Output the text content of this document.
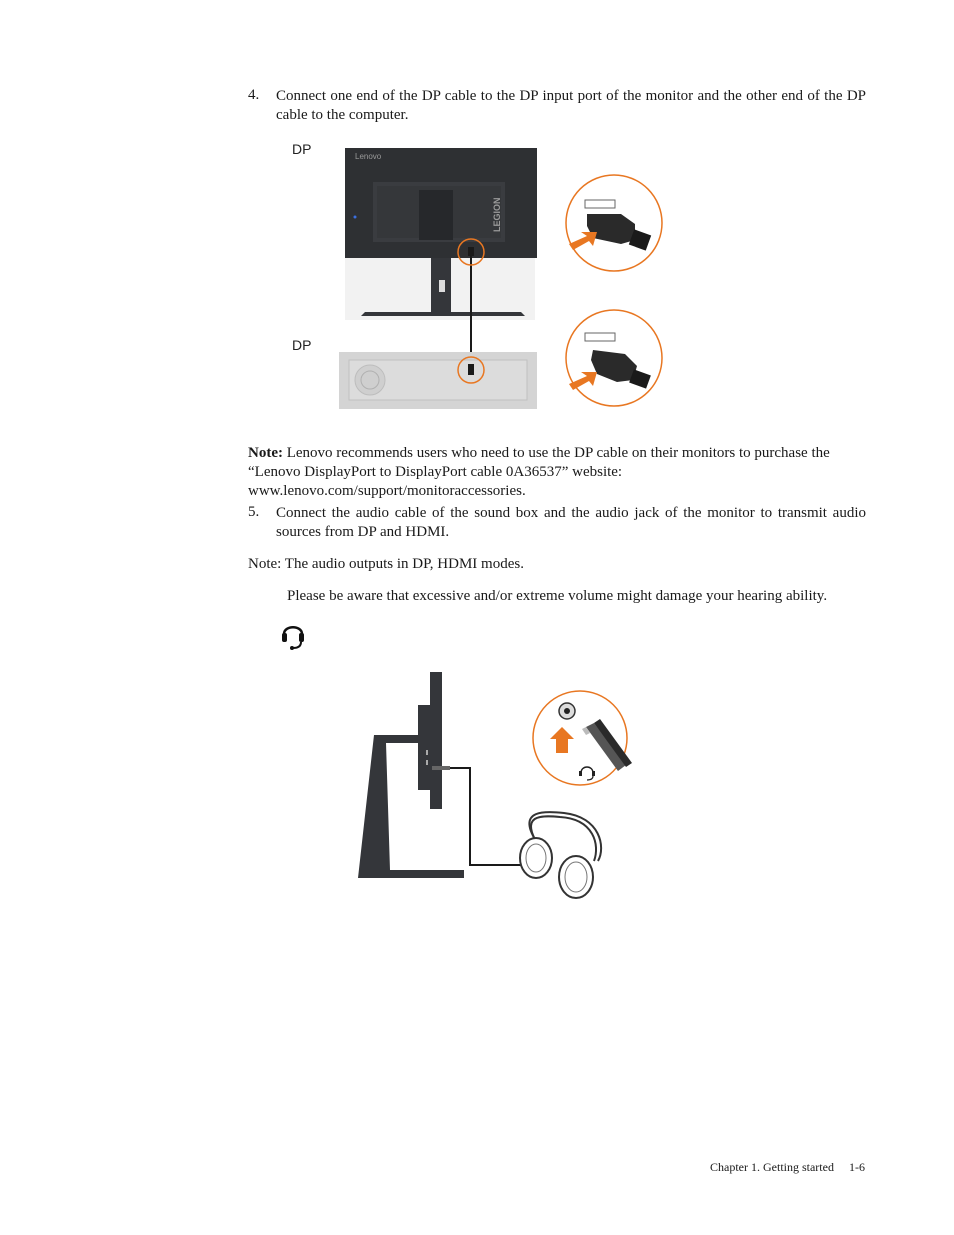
4. Connect one end of the DP cable to the DP input port of the monitor and the other end of the DP cable to the computer.
DP
DP
Lenovo
LEGION
Note: Lenovo recommends users who need to use the DP cable on their monitors to purchase the “Lenovo DisplayPort to DisplayPort cable 0A36537” website: www.lenovo.com/support/monitoraccessories.
5. Connect the audio cable of the sound box and the audio jack of the monitor to transmit audio sources from DP and HDMI.
Note: The audio outputs in DP, HDMI modes.
Please be aware that excessive and/or extreme volume might damage your hearing ability.
Chapter 1. Getting started 1-6
